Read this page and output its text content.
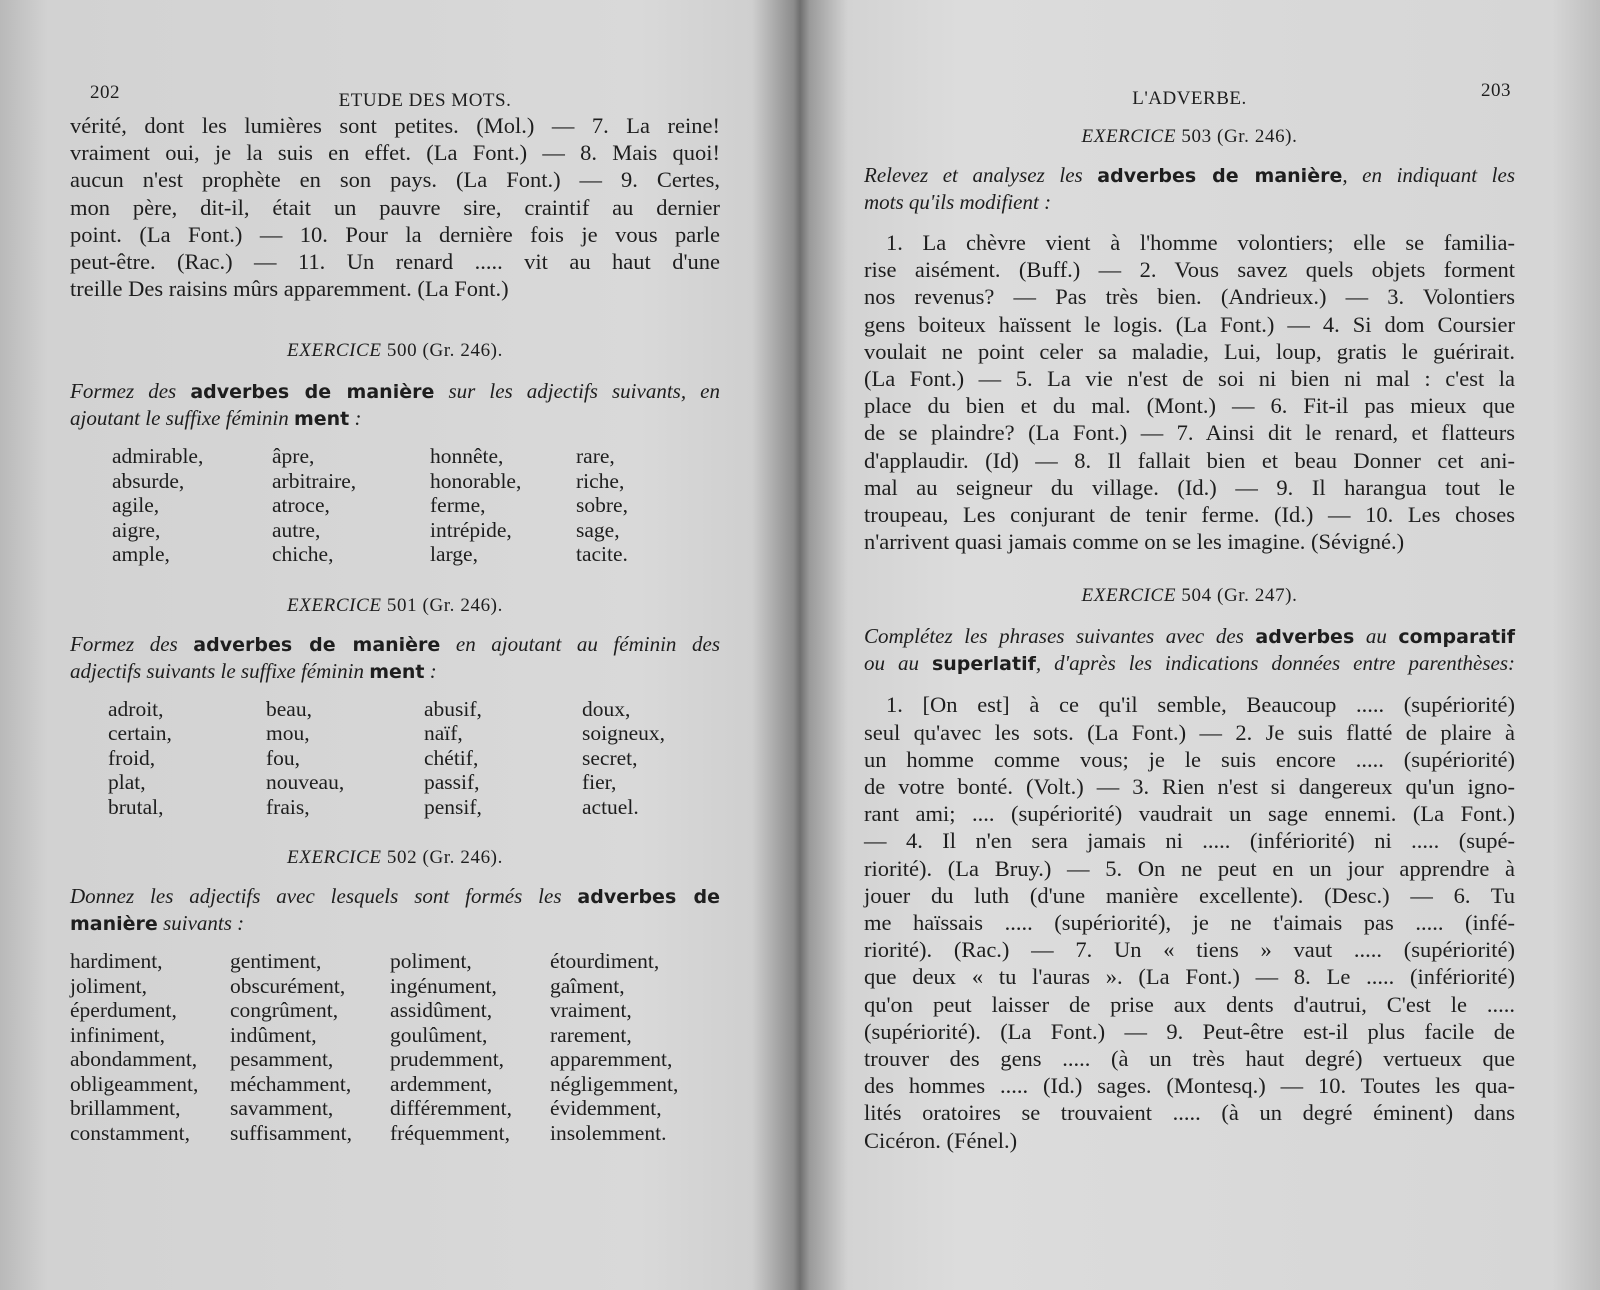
202	ETUDE DES MOTS.
vérité, dont les lumières sont petites. (Mol.) — 7. La reine!
vraiment oui, je la suis en effet. (La Font.) — 8. Mais quoi!
aucun n'est prophète en son pays. (La Font.) — 9. Certes,
mon père, dit-il, était un pauvre sire, craintif au dernier
point. (La Font.) — 10. Pour la dernière fois je vous parle
peut-être. (Rac.) — 11. Un renard ..... vit au haut d'une
treille Des raisins mûrs apparemment. (La Font.)

EXERCICE 500 (Gr. 246).

Formez des adverbes de manière sur les adjectifs suivants, en
ajoutant le suffixe féminin ment :
admirable,
absurde,
agile,
aigre,
ample,
âpre,
arbitraire,
atroce,
autre,
chiche,
honnête,
honorable,
ferme,
intrépide,
large,
rare,
riche,
sobre,
sage,
tacite.

EXERCICE 501 (Gr. 246).

Formez des adverbes de manière en ajoutant au féminin des
adjectifs suivants le suffixe féminin ment :
adroit,
certain,
froid,
plat,
brutal,
beau,
mou,
fou,
nouveau,
frais,
abusif,
naïf,
chétif,
passif,
pensif,
doux,
soigneux,
secret,
fier,
actuel.

EXERCICE 502 (Gr. 246).

Donnez les adjectifs avec lesquels sont formés les adverbes de
manière suivants :
hardiment,
joliment,
éperdument,
infiniment,
abondamment,
obligeamment,
brillamment,
constamment,
gentiment,
obscurément,
congrûment,
indûment,
pesamment,
méchamment,
savamment,
suffisamment,
poliment,
ingénument,
assidûment,
goulûment,
prudemment,
ardemment,
différemment,
fréquemment,
étourdiment,
gaîment,
vraiment,
rarement,
apparemment,
négligemment,
évidemment,
insolemment.
L'ADVERBE.	203

EXERCICE 503 (Gr. 246).

Relevez et analysez les adverbes de manière, en indiquant les
mots qu'ils modifient :
1. La chèvre vient à l'homme volontiers; elle se familia-
rise aisément. (Buff.) — 2. Vous savez quels objets forment
nos revenus? — Pas très bien. (Andrieux.) — 3. Volontiers
gens boiteux haïssent le logis. (La Font.) — 4. Si dom Coursier
voulait ne point celer sa maladie, Lui, loup, gratis le guérirait.
(La Font.) — 5. La vie n'est de soi ni bien ni mal : c'est la
place du bien et du mal. (Mont.) — 6. Fit-il pas mieux que
de se plaindre? (La Font.) — 7. Ainsi dit le renard, et flatteurs
d'applaudir. (Id) — 8. Il fallait bien et beau Donner cet ani-
mal au seigneur du village. (Id.) — 9. Il harangua tout le
troupeau, Les conjurant de tenir ferme. (Id.) — 10. Les choses
n'arrivent quasi jamais comme on se les imagine. (Sévigné.)

EXERCICE 504 (Gr. 247).

Complétez les phrases suivantes avec des adverbes au comparatif
ou au superlatif, d'après les indications données entre parenthèses:
1. [On est] à ce qu'il semble, Beaucoup ..... (supériorité)
seul qu'avec les sots. (La Font.) — 2. Je suis flatté de plaire à
un homme comme vous; je le suis encore ..... (supériorité)
de votre bonté. (Volt.) — 3. Rien n'est si dangereux qu'un igno-
rant ami; .... (supériorité) vaudrait un sage ennemi. (La Font.)
— 4. Il n'en sera jamais ni ..... (infériorité) ni ..... (supé-
riorité). (La Bruy.) — 5. On ne peut en un jour apprendre à
jouer du luth (d'une manière excellente). (Desc.) — 6. Tu
me haïssais ..... (supériorité), je ne t'aimais pas ..... (infé-
riorité). (Rac.) — 7. Un « tiens » vaut ..... (supériorité)
que deux « tu l'auras ». (La Font.) — 8. Le ..... (infériorité)
qu'on peut laisser de prise aux dents d'autrui, C'est le .....
(supériorité). (La Font.) — 9. Peut-être est-il plus facile de
trouver des gens ..... (à un très haut degré) vertueux que
des hommes ..... (Id.) sages. (Montesq.) — 10. Toutes les qua-
lités oratoires se trouvaient ..... (à un degré éminent) dans
Cicéron. (Fénel.)
